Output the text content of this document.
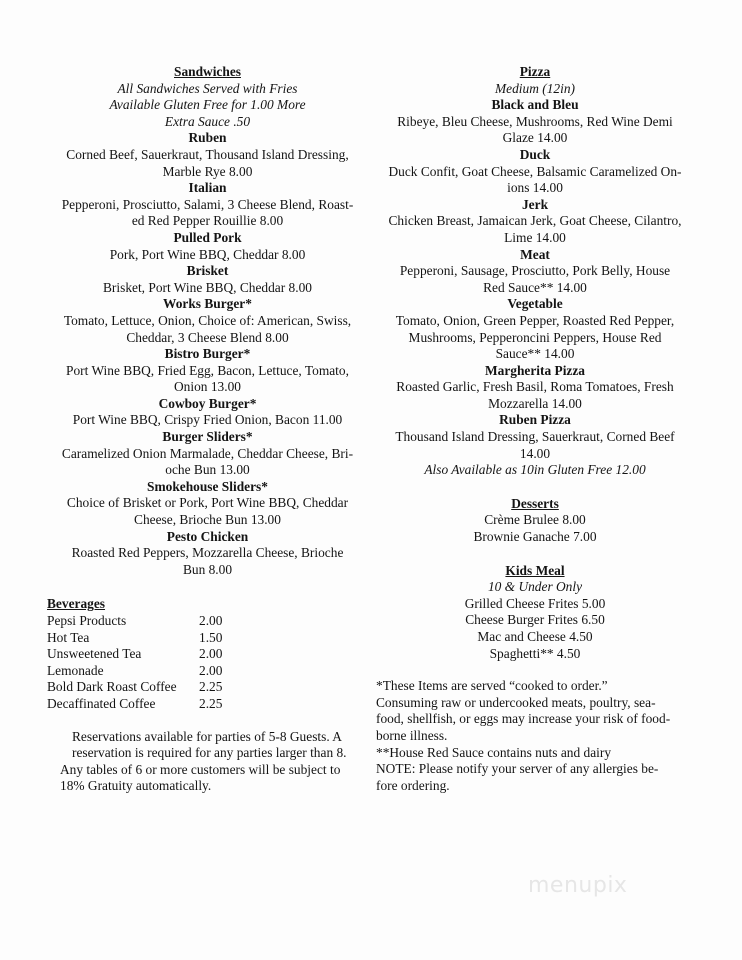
Sandwiches
All Sandwiches Served with Fries
Available Gluten Free for 1.00 More
Extra Sauce .50
Ruben
Corned Beef, Sauerkraut, Thousand Island Dressing,
Marble Rye 8.00
Italian
Pepperoni, Prosciutto, Salami, 3 Cheese Blend, Roast-
ed Red Pepper Rouillie 8.00
Pulled Pork
Pork, Port Wine BBQ, Cheddar 8.00
Brisket
Brisket, Port Wine BBQ, Cheddar 8.00
Works Burger*
Tomato, Lettuce, Onion, Choice of: American, Swiss,
Cheddar, 3 Cheese Blend 8.00
Bistro Burger*
Port Wine BBQ, Fried Egg, Bacon, Lettuce, Tomato,
Onion 13.00
Cowboy Burger*
Port Wine BBQ, Crispy Fried Onion, Bacon 11.00
Burger Sliders*
Caramelized Onion Marmalade, Cheddar Cheese, Bri-
oche Bun 13.00
Smokehouse Sliders*
Choice of Brisket or Pork, Port Wine BBQ, Cheddar
Cheese, Brioche Bun 13.00
Pesto Chicken
Roasted Red Peppers, Mozzarella Cheese, Brioche
Bun 8.00
Beverages
Pepsi Products	2.00
Hot Tea	1.50
Unsweetened Tea	2.00
Lemonade	2.00
Bold Dark Roast Coffee	2.25
Decaffinated Coffee	2.25
Reservations available for parties of 5-8 Guests. A
reservation is required for any parties larger than 8.
Any tables of 6 or more customers will be subject to
18% Gratuity automatically.
Pizza
Medium (12in)
Black and Bleu
Ribeye, Bleu Cheese, Mushrooms, Red Wine Demi
Glaze 14.00
Duck
Duck Confit, Goat Cheese, Balsamic Caramelized On-
ions 14.00
Jerk
Chicken Breast, Jamaican Jerk, Goat Cheese, Cilantro,
Lime 14.00
Meat
Pepperoni, Sausage, Prosciutto, Pork Belly, House
Red Sauce** 14.00
Vegetable
Tomato, Onion, Green Pepper, Roasted Red Pepper,
Mushrooms, Pepperoncini Peppers, House Red
Sauce** 14.00
Margherita Pizza
Roasted Garlic, Fresh Basil, Roma Tomatoes, Fresh
Mozzarella 14.00
Ruben Pizza
Thousand Island Dressing, Sauerkraut, Corned Beef
14.00
Also Available as 10in Gluten Free 12.00
Desserts
Crème Brulee 8.00
Brownie Ganache 7.00
Kids Meal
10 & Under Only
Grilled Cheese Frites 5.00
Cheese Burger Frites 6.50
Mac and Cheese 4.50
Spaghetti** 4.50
*These Items are served “cooked to order.”
Consuming raw or undercooked meats, poultry, sea-
food, shellfish, or eggs may increase your risk of food-
borne illness.
**House Red Sauce contains nuts and dairy
NOTE: Please notify your server of any allergies be-
fore ordering.
menupix
